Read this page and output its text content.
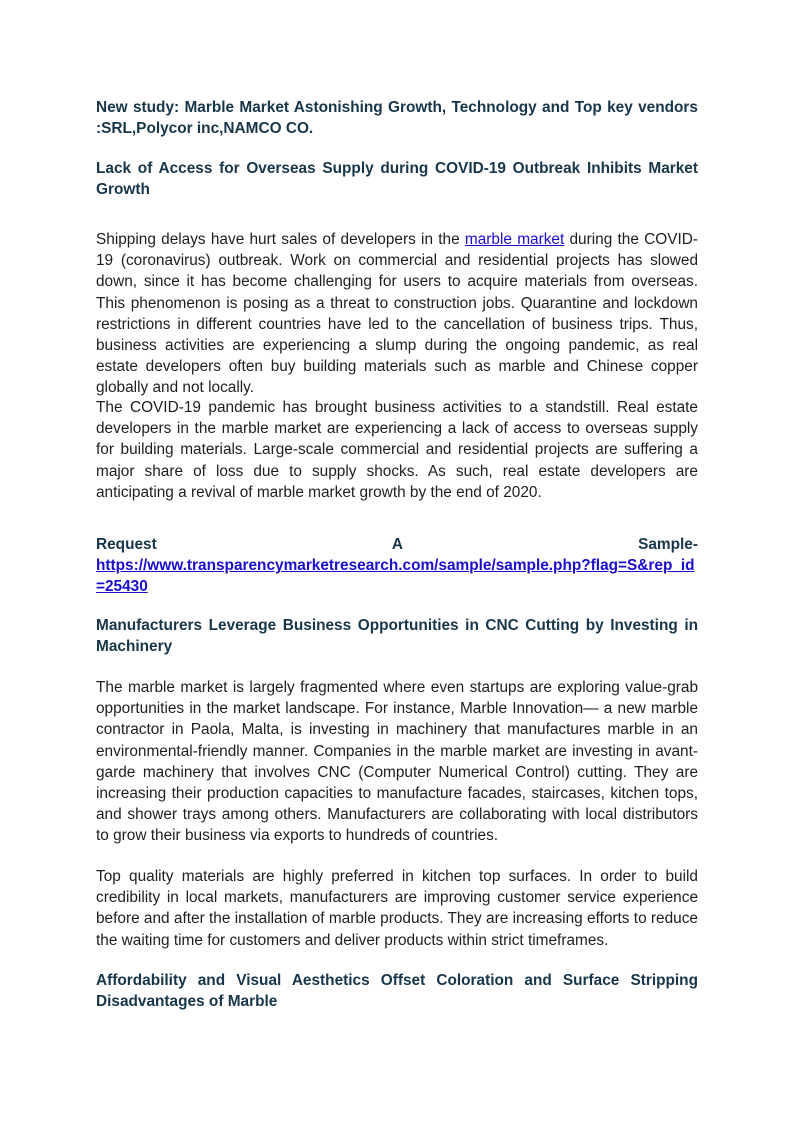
New study: Marble Market Astonishing Growth, Technology and Top key vendors :SRL,Polycor inc,NAMCO CO.
Lack of Access for Overseas Supply during COVID-19 Outbreak Inhibits Market Growth

Shipping delays have hurt sales of developers in the marble market during the COVID-19 (coronavirus) outbreak. Work on commercial and residential projects has slowed down, since it has become challenging for users to acquire materials from overseas. This phenomenon is posing as a threat to construction jobs. Quarantine and lockdown restrictions in different countries have led to the cancellation of business trips. Thus, business activities are experiencing a slump during the ongoing pandemic, as real estate developers often buy building materials such as marble and Chinese copper globally and not locally.

The COVID-19 pandemic has brought business activities to a standstill. Real estate developers in the marble market are experiencing a lack of access to overseas supply for building materials. Large-scale commercial and residential projects are suffering a major share of loss due to supply shocks. As such, real estate developers are anticipating a revival of marble market growth by the end of 2020.

Request	A	Sample-
https://www.transparencymarketresearch.com/sample/sample.php?flag=S&rep_id=25430
Manufacturers Leverage Business Opportunities in CNC Cutting by Investing in Machinery

The marble market is largely fragmented where even startups are exploring value-grab opportunities in the market landscape. For instance, Marble Innovation— a new marble contractor in Paola, Malta, is investing in machinery that manufactures marble in an environmental-friendly manner. Companies in the marble market are investing in avant-garde machinery that involves CNC (Computer Numerical Control) cutting. They are increasing their production capacities to manufacture facades, staircases, kitchen tops, and shower trays among others. Manufacturers are collaborating with local distributors to grow their business via exports to hundreds of countries.

Top quality materials are highly preferred in kitchen top surfaces. In order to build credibility in local markets, manufacturers are improving customer service experience before and after the installation of marble products. They are increasing efforts to reduce the waiting time for customers and deliver products within strict timeframes.

Affordability and Visual Aesthetics Offset Coloration and Surface Stripping Disadvantages of Marble
